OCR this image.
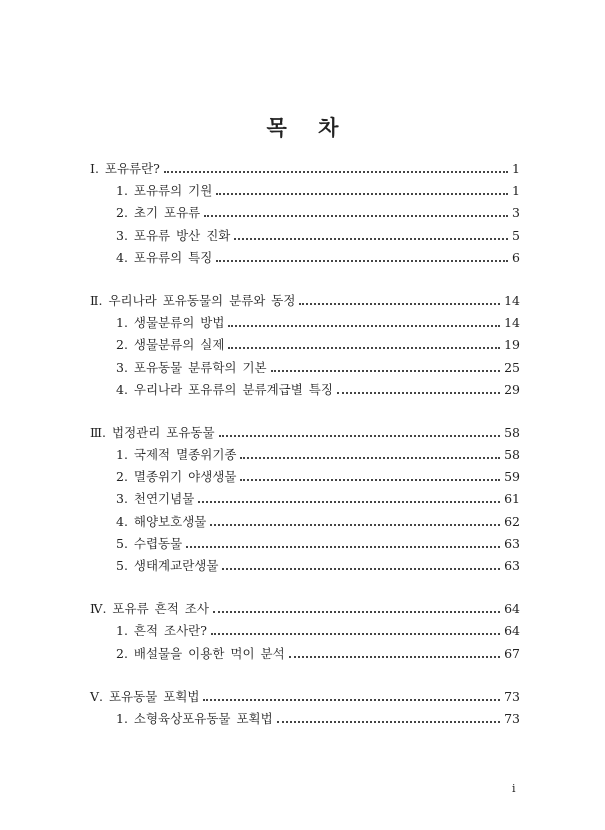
목 차
Ⅰ. 포유류란?	1
1. 포유류의 기원	1
2. 초기 포유류	3
3. 포유류 방산 진화	5
4. 포유류의 특징	6
Ⅱ. 우리나라 포유동물의 분류와 동정	14
1. 생물분류의 방법	14
2. 생물분류의 실제	19
3. 포유동물 분류학의 기본	25
4. 우리나라 포유류의 분류계급별 특징	29
Ⅲ. 법정관리 포유동물	58
1. 국제적 멸종위기종	58
2. 멸종위기 야생생물	59
3. 천연기념물	61
4. 해양보호생물	62
5. 수렵동물	63
5. 생태계교란생물	63
Ⅳ. 포유류 흔적 조사	64
1. 흔적 조사란?	64
2. 배설물을 이용한 먹이 분석	67
Ⅴ. 포유동물 포획법	73
1. 소형육상포유동물 포획법	73
i
